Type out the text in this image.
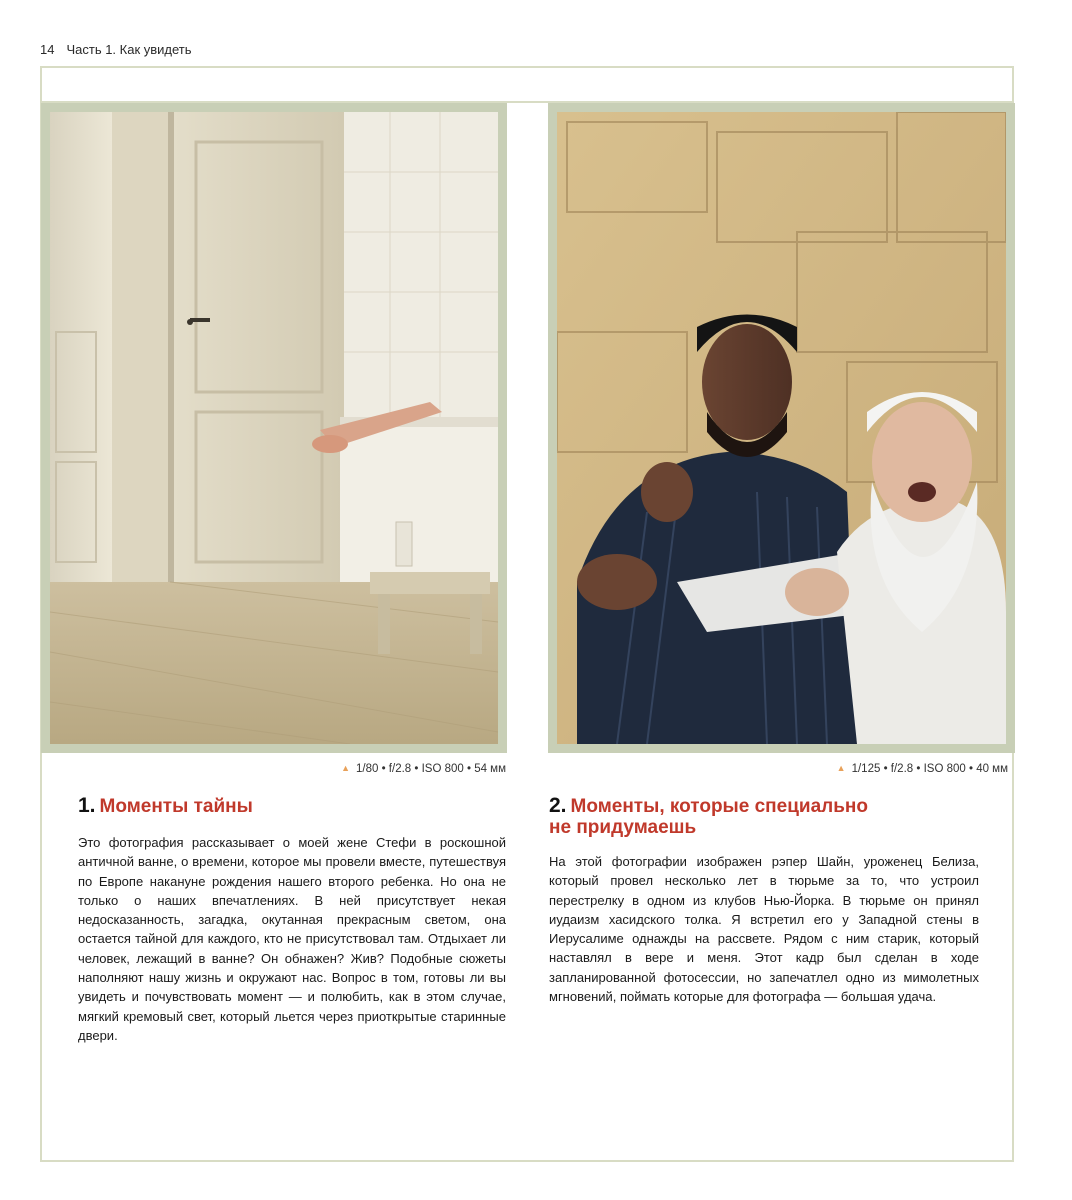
14 Часть 1. Как увидеть
▲ 1/80 • f/2.8 • ISO 800 • 54 мм
1. Моменты тайны

Это фотография рассказывает о моей жене Стефи в роскошной античной ванне, о времени, которое мы провели вместе, путешествуя по Европе накануне рождения нашего второго ребенка. Но она не только о наших впечатлениях. В ней присутствует некая недосказанность, загадка, окутанная прекрасным светом, она остается тайной для каждого, кто не присутствовал там. Отдыхает ли человек, лежащий в ванне? Он обнажен? Жив? Подобные сюжеты наполняют нашу жизнь и окружают нас. Вопрос в том, готовы ли вы увидеть и почувствовать момент — и полюбить, как в этом случае, мягкий кремовый свет, который льется через приоткрытые старинные двери.

▲ 1/125 • f/2.8 • ISO 800 • 40 мм
2. Моменты, которые специально
не придумаешь

На этой фотографии изображен рэпер Шайн, уроженец Белиза, который провел несколько лет в тюрьме за то, что устроил перестрелку в одном из клубов Нью-Йорка. В тюрьме он принял иудаизм хасидского толка. Я встретил его у Западной стены в Иерусалиме однажды на рассвете. Рядом с ним старик, который наставлял в вере и меня. Этот кадр был сделан в ходе запланированной фотосессии, но запечатлел одно из мимолетных мгновений, поймать которые для фотографа — большая удача.
